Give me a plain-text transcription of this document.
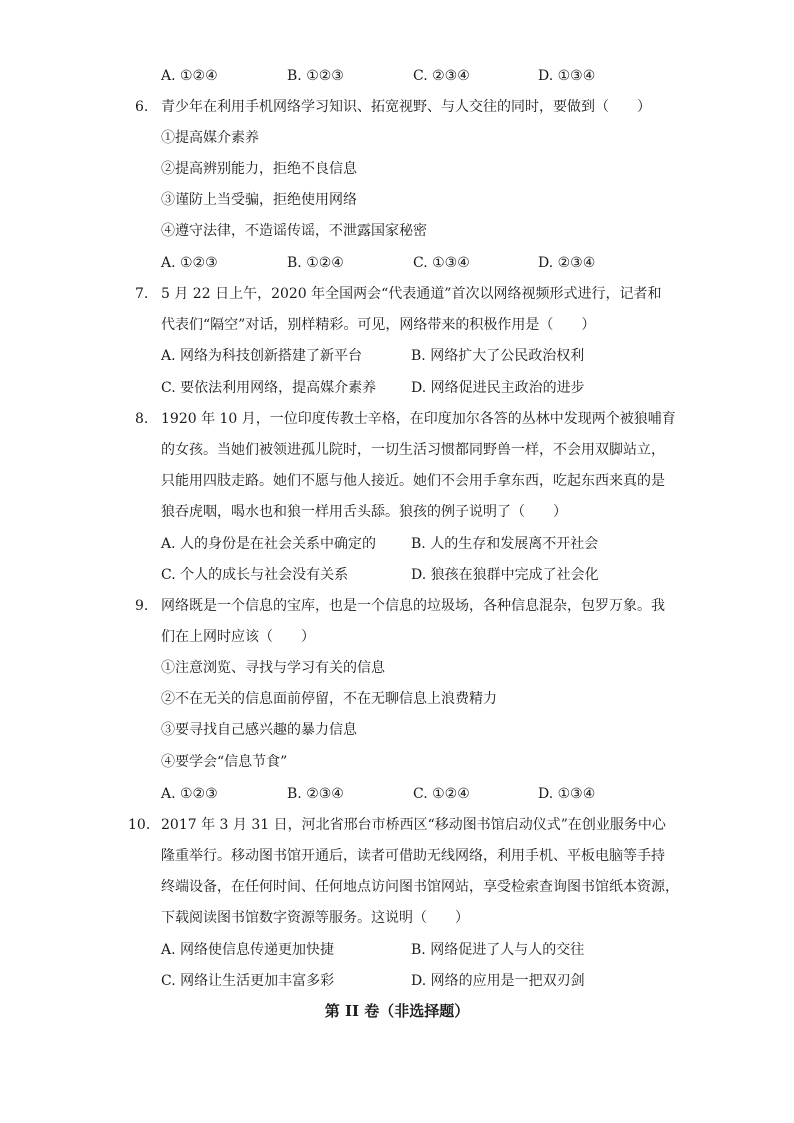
A. ①②④	B. ①②③	C. ②③④	D. ①③④
6. 青少年在利用手机网络学习知识、拓宽视野、与人交往的同时，要做到（　　）
①提高媒介素养
②提高辨别能力，拒绝不良信息
③谨防上当受骗，拒绝使用网络
④遵守法律，不造谣传谣，不泄露国家秘密
A. ①②③	B. ①②④	C. ①③④	D. ②③④
7. 5 月 22 日上午，2020 年全国两会“代表通道”首次以网络视频形式进行，记者和
代表们“隔空”对话，别样精彩。可见，网络带来的积极作用是（　　）
A. 网络为科技创新搭建了新平台	B. 网络扩大了公民政治权利
C. 要依法利用网络，提高媒介素养 D. 网络促进民主政治的进步
8. 1920 年 10 月，一位印度传教士辛格，在印度加尔各答的丛林中发现两个被狼哺育
的女孩。当她们被领进孤儿院时，一切生活习惯都同野兽一样，不会用双脚站立，
只能用四肢走路。她们不愿与他人接近。她们不会用手拿东西，吃起东西来真的是
狼吞虎咽，喝水也和狼一样用舌头舔。狼孩的例子说明了（　　）
A. 人的身份是在社会关系中确定的 B. 人的生存和发展离不开社会
C. 个人的成长与社会没有关系	D. 狼孩在狼群中完成了社会化
9. 网络既是一个信息的宝库，也是一个信息的垃圾场，各种信息混杂，包罗万象。我
们在上网时应该（　　）
①注意浏览、寻找与学习有关的信息
②不在无关的信息面前停留，不在无聊信息上浪费精力
③要寻找自己感兴趣的暴力信息
④要学会“信息节食”
A. ①②③	B. ②③④	C. ①②④	D. ①③④
10. 2017 年 3 月 31 日，河北省邢台市桥西区“移动图书馆启动仪式”在创业服务中心
隆重举行。移动图书馆开通后，读者可借助无线网络，利用手机、平板电脑等手持
终端设备，在任何时间、任何地点访问图书馆网站，享受检索查询图书馆纸本资源，
下载阅读图书馆数字资源等服务。这说明（　　）
A. 网络使信息传递更加快捷	B. 网络促进了人与人的交往
C. 网络让生活更加丰富多彩	D. 网络的应用是一把双刃剑
第 II 卷（非选择题）
